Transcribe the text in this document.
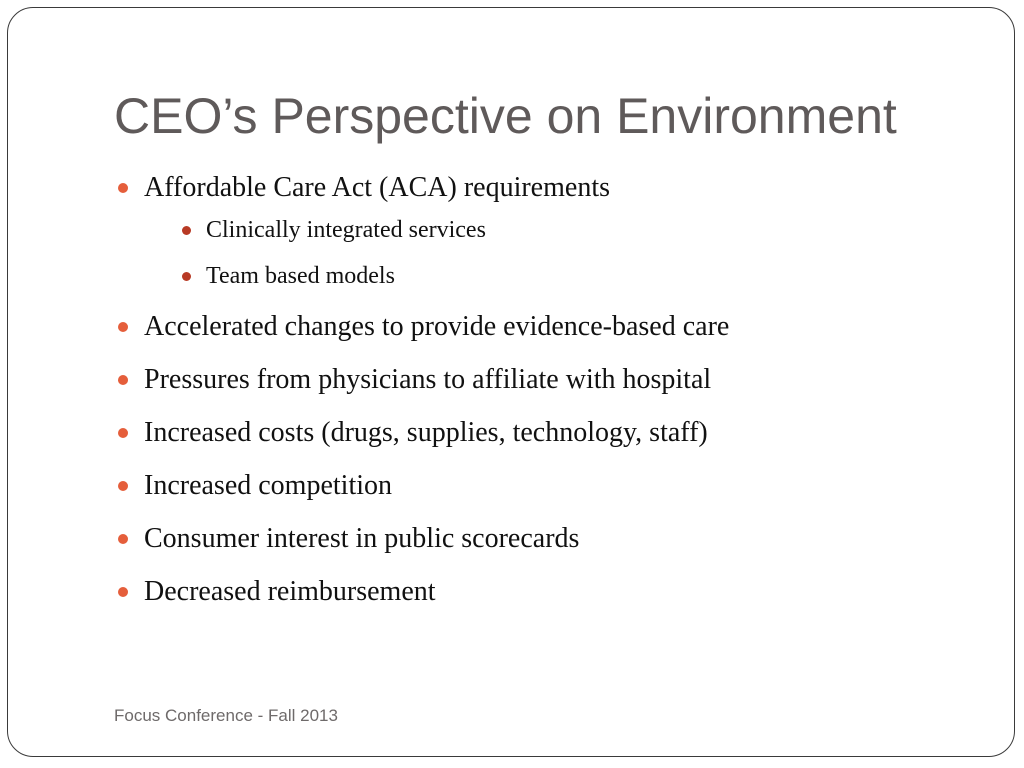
CEO’s Perspective on Environment
Affordable Care Act (ACA) requirements
Clinically integrated services
Team based models
Accelerated changes to provide evidence-based care
Pressures from physicians to affiliate with hospital
Increased costs (drugs, supplies, technology, staff)
Increased competition
Consumer interest in public scorecards
Decreased reimbursement
Focus Conference - Fall 2013
